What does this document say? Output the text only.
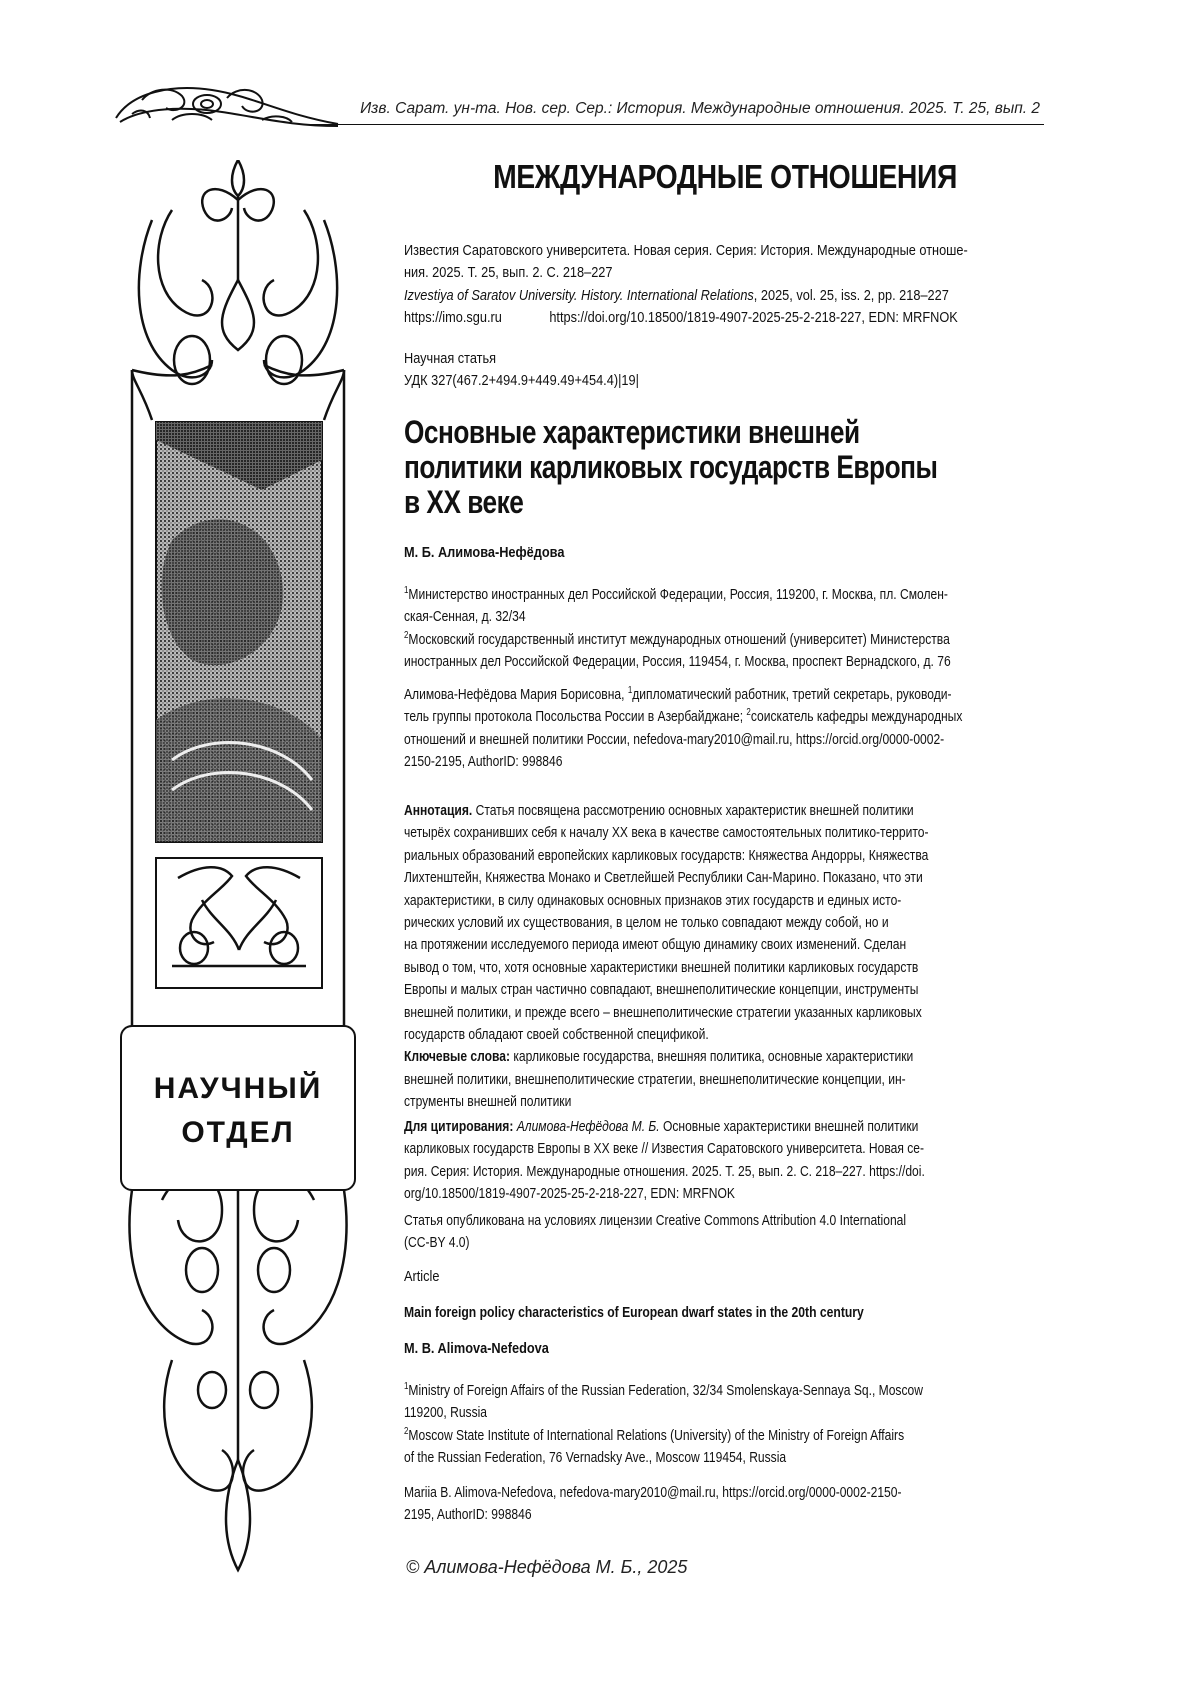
Изв. Сарат. ун-та. Нов. сер. Сер.: История. Международные отношения. 2025. Т. 25, вып. 2
МЕЖДУНАРОДНЫЕ ОТНОШЕНИЯ
НАУЧНЫЙ
ОТДЕЛ
Известия Саратовского университета. Новая серия. Серия: История. Международные отноше-
ния. 2025. Т. 25, вып. 2. С. 218–227
Izvestiya of Saratov University. History. International Relations, 2025, vol. 25, iss. 2, pp. 218–227
https://imo.sgu.ru	https://doi.org/10.18500/1819-4907-2025-25-2-218-227, EDN: MRFNOK
Научная статья
УДК 327(467.2+494.9+449.49+454.4)|19|
Основные характеристики внешней
политики карликовых государств Европы
в XX веке
М. Б. Алимова-Нефёдова
$^1$Министерство иностранных дел Российской Федерации, Россия, 119200, г. Москва, пл. Смолен-
ская-Сенная, д. 32/34
$^2$Московский государственный институт международных отношений (университет) Министерства
иностранных дел Российской Федерации, Россия, 119454, г. Москва, проспект Вернадского, д. 76
Алимова-Нефёдова Мария Борисовна, $^1$дипломатический работник, третий секретарь, руководи-
тель группы протокола Посольства России в Азербайджане; $^2$соискатель кафедры международных
отношений и внешней политики России, nefedova-mary2010@mail.ru, https://orcid.org/0000-0002-
2150-2195, AuthorID: 998846
Аннотация. Статья посвящена рассмотрению основных характеристик внешней политики
четырёх сохранивших себя к началу XX века в качестве самостоятельных политико-террито-
риальных образований европейских карликовых государств: Княжества Андорры, Княжества
Лихтенштейн, Княжества Монако и Светлейшей Республики Сан-Марино. Показано, что эти
характеристики, в силу одинаковых основных признаков этих государств и единых исто-
рических условий их существования, в целом не только совпадают между собой, но и
на протяжении исследуемого периода имеют общую динамику своих изменений. Сделан
вывод о том, что, хотя основные характеристики внешней политики карликовых государств
Европы и малых стран частично совпадают, внешнеполитические концепции, инструменты
внешней политики, и прежде всего – внешнеполитические стратегии указанных карликовых
государств обладают своей собственной спецификой.
Ключевые слова: карликовые государства, внешняя политика, основные характеристики
внешней политики, внешнеполитические стратегии, внешнеполитические концепции, ин-
струменты внешней политики
Для цитирования: Алимова-Нефёдова М. Б. Основные характеристики внешней политики
карликовых государств Европы в XX веке // Известия Саратовского университета. Новая се-
рия. Серия: История. Международные отношения. 2025. Т. 25, вып. 2. С. 218–227. https://doi.
org/10.18500/1819-4907-2025-25-2-218-227, EDN: MRFNOK
Статья опубликована на условиях лицензии Creative Commons Attribution 4.0 International
(CC-BY 4.0)
Article
Main foreign policy characteristics of European dwarf states in the 20th century
M. B. Alimova-Nefedova
$^1$Ministry of Foreign Affairs of the Russian Federation, 32/34 Smolenskaya-Sennaya Sq., Moscow
119200, Russia
$^2$Moscow State Institute of International Relations (University) of the Ministry of Foreign Affairs
of the Russian Federation, 76 Vernadsky Ave., Moscow 119454, Russia
Mariia B. Alimova-Nefedova, nefedova-mary2010@mail.ru, https://orcid.org/0000-0002-2150-
2195, AuthorID: 998846
© Алимова-Нефёдова М. Б., 2025
